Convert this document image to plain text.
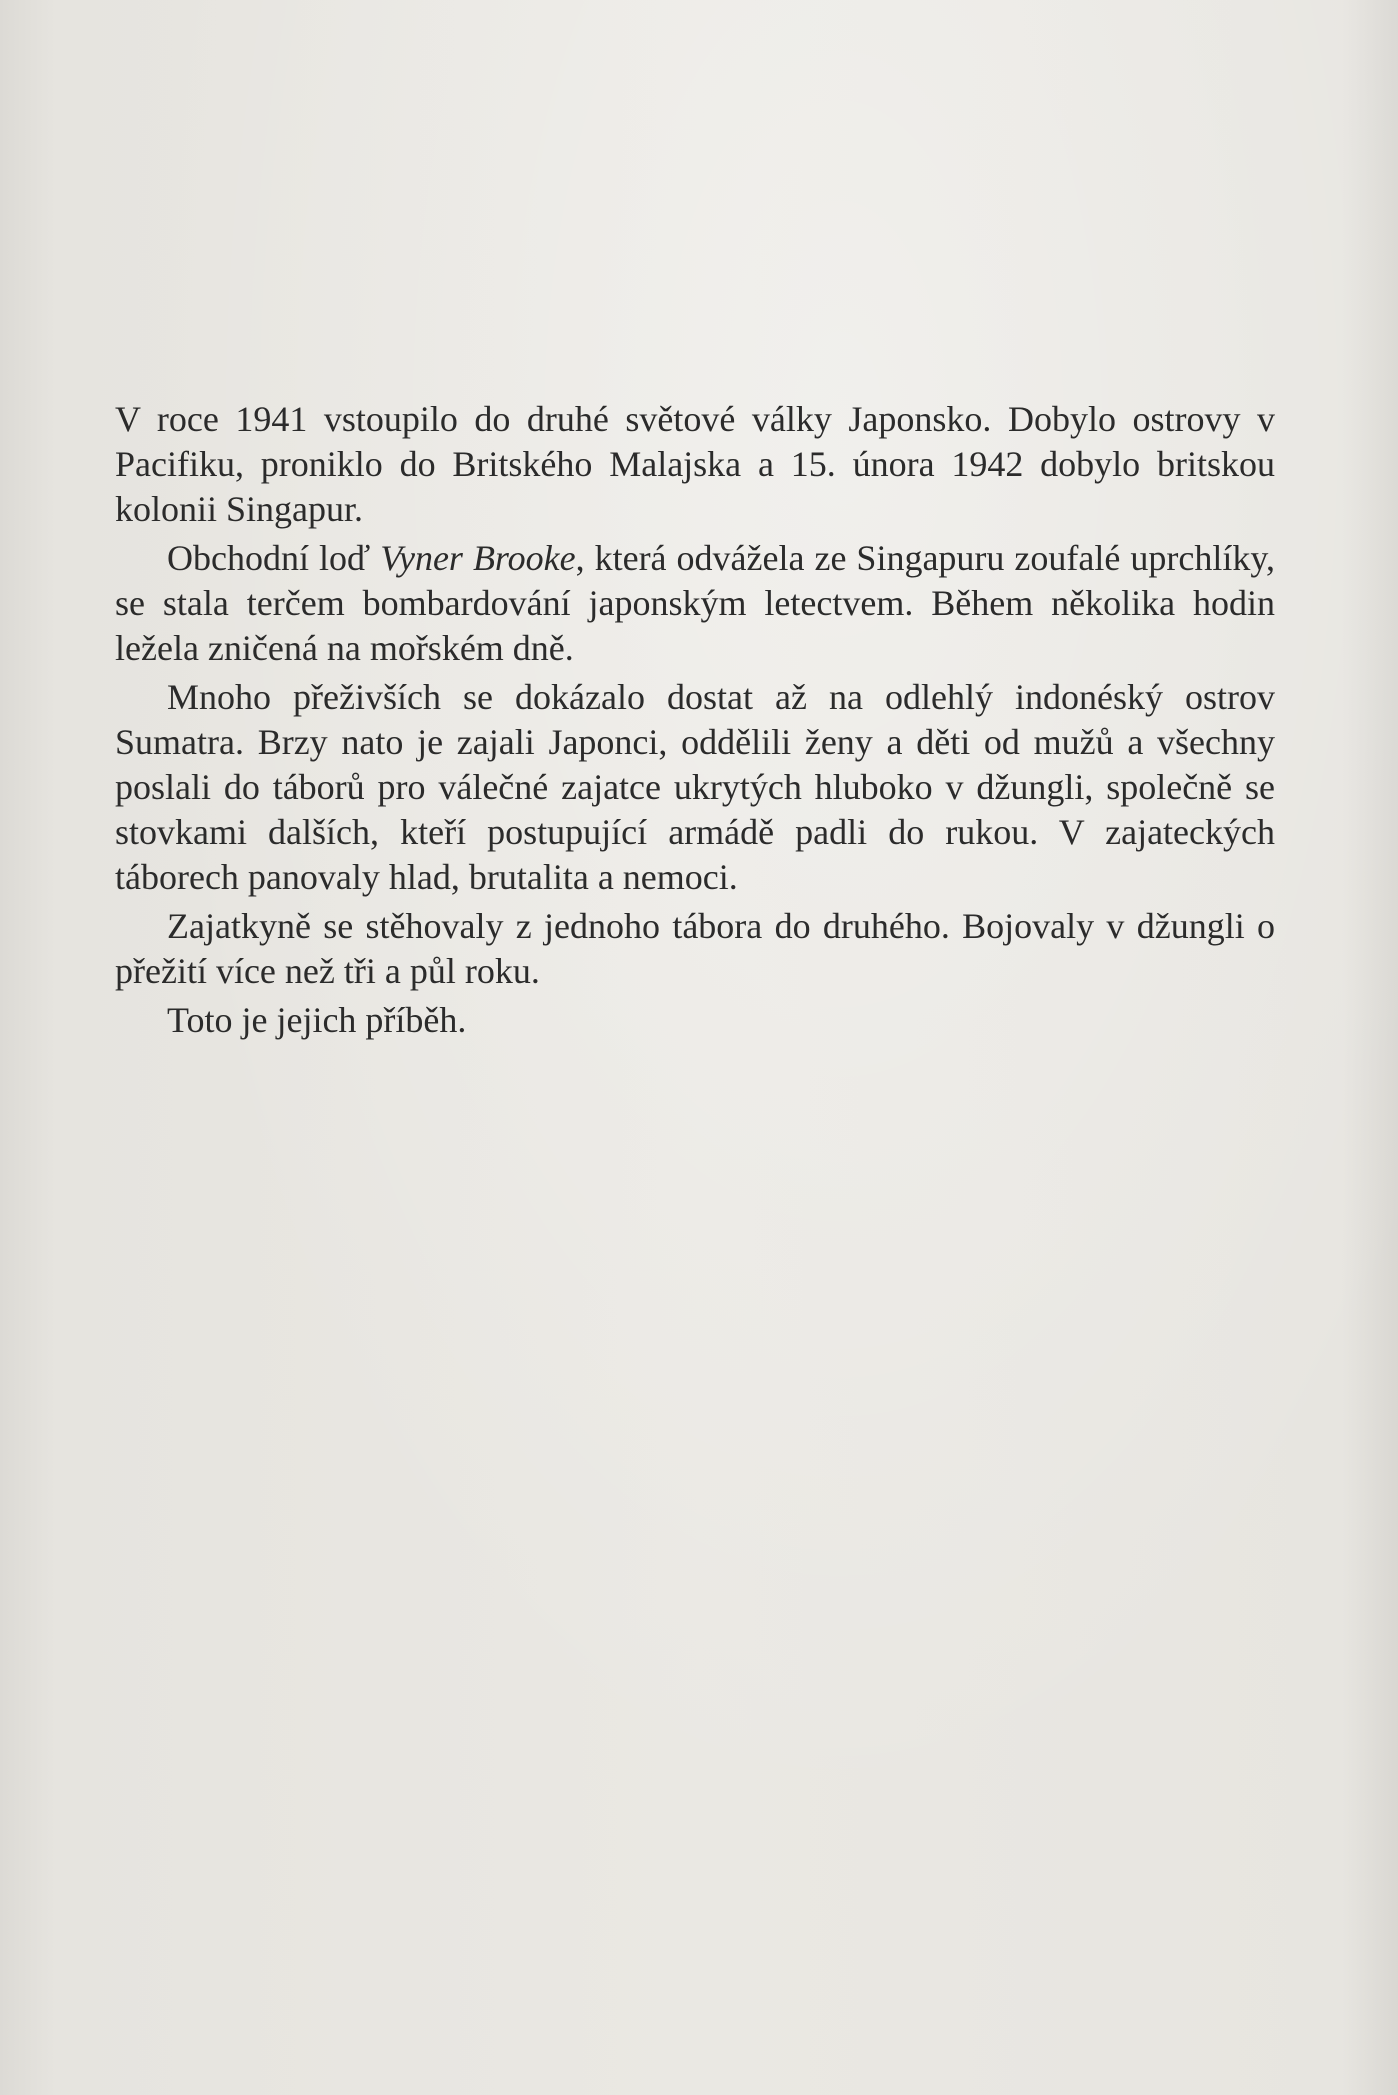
V roce 1941 vstoupilo do druhé světové války Japonsko. Dobylo ostrovy v Pacifiku, proniklo do Britského Malajska a 15. února 1942 dobylo britskou kolonii Singapur.

Obchodní loď Vyner Brooke, která odvážela ze Singapuru zoufalé uprchlíky, se stala terčem bombardování japonským letectvem. Během několika hodin ležela zničená na mořském dně.

Mnoho přeživších se dokázalo dostat až na odlehlý indonéský ostrov Sumatra. Brzy nato je zajali Japonci, oddělili ženy a děti od mužů a všechny poslali do táborů pro válečné zajatce ukrytých hluboko v džungli, společně se stovkami dalších, kteří postupující armádě padli do rukou. V zajateckých táborech panovaly hlad, brutalita a nemoci.

Zajatkyně se stěhovaly z jednoho tábora do druhého. Bojovaly v džungli o přežití více než tři a půl roku.

Toto je jejich příběh.
